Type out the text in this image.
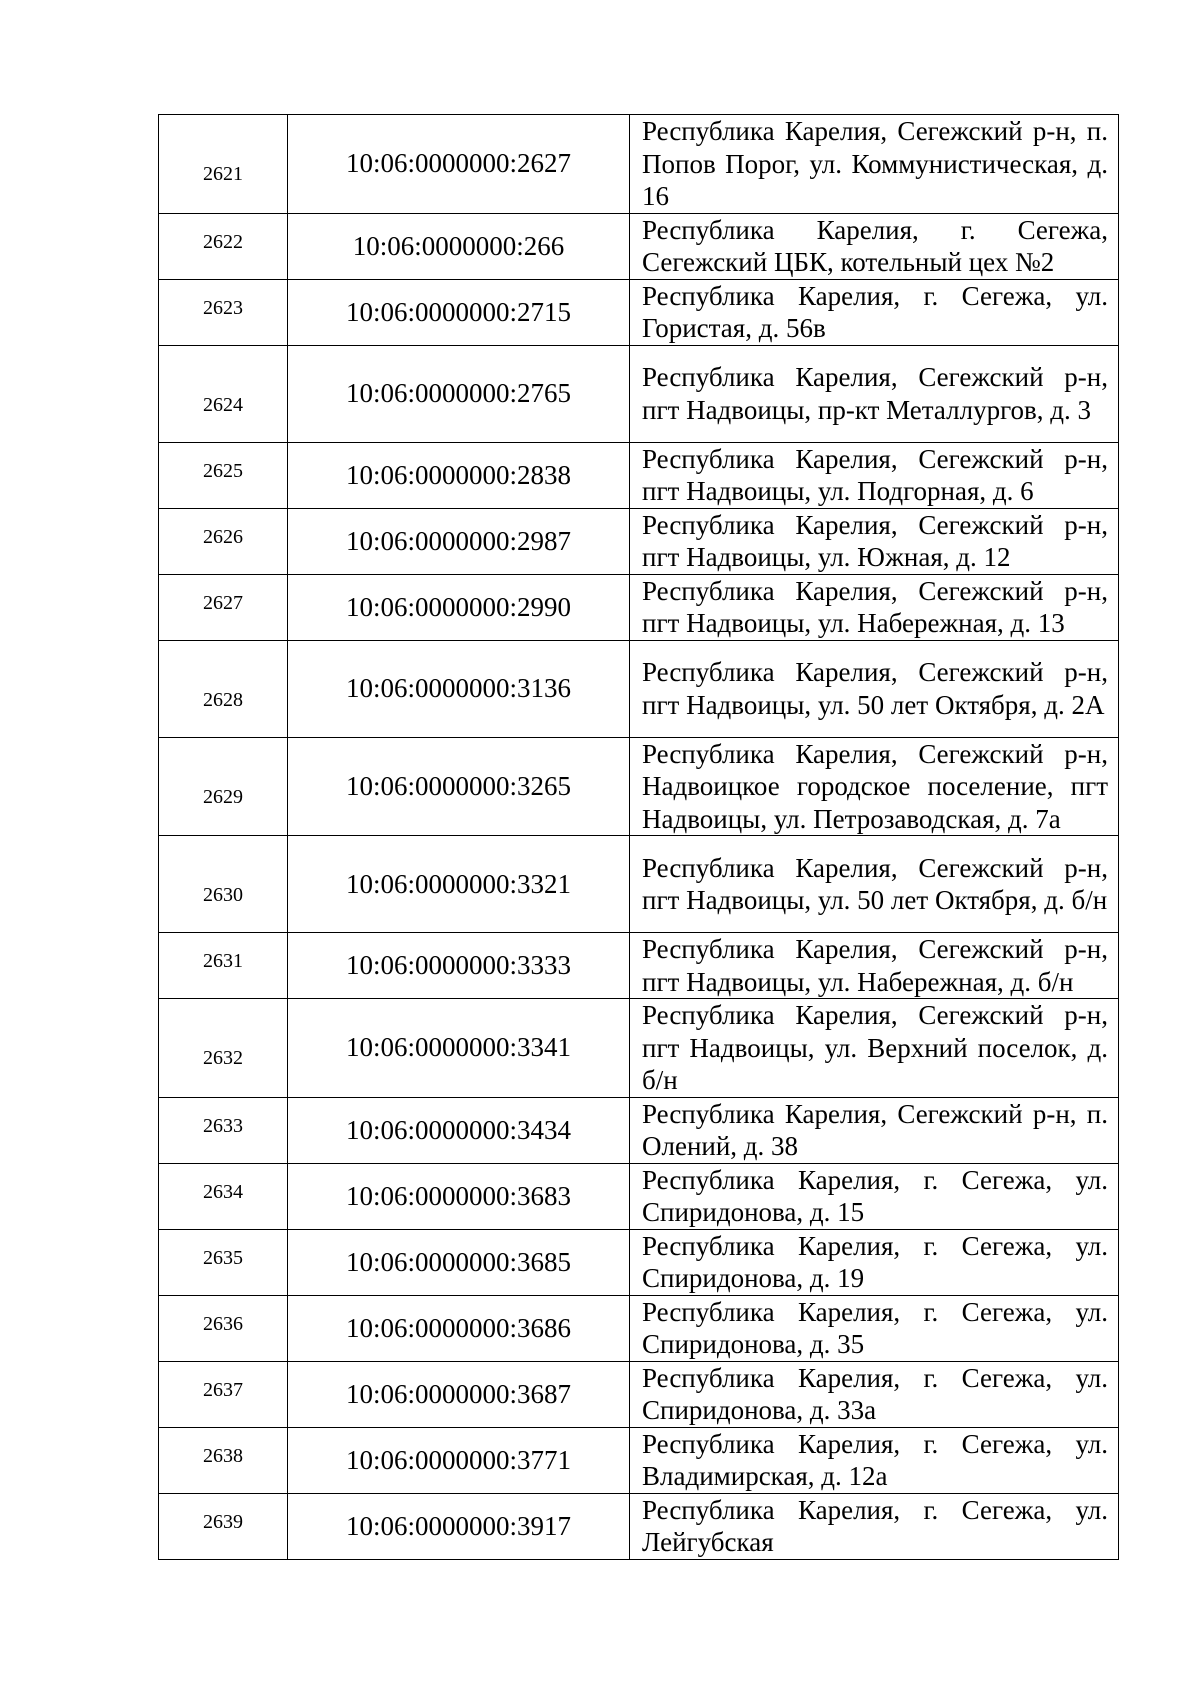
2621	10:06:0000000:2627	Республика Карелия, Сегежский р-н, п. Попов Порог, ул. Коммунистическая, д. 16
2622	10:06:0000000:266	Республика Карелия, г. Сегежа, Сегежский ЦБК, котельный цех №2
2623	10:06:0000000:2715	Республика Карелия, г. Сегежа, ул. Гористая, д. 56в
2624	10:06:0000000:2765	Республика Карелия, Сегежский р-н, пгт Надвоицы, пр-кт Металлургов, д. 3
2625	10:06:0000000:2838	Республика Карелия, Сегежский р-н, пгт Надвоицы, ул. Подгорная, д. 6
2626	10:06:0000000:2987	Республика Карелия, Сегежский р-н, пгт Надвоицы, ул. Южная, д. 12
2627	10:06:0000000:2990	Республика Карелия, Сегежский р-н, пгт Надвоицы, ул. Набережная, д. 13
2628	10:06:0000000:3136	Республика Карелия, Сегежский р-н, пгт Надвоицы, ул. 50 лет Октября, д. 2А
2629	10:06:0000000:3265	Республика Карелия, Сегежский р-н, Надвоицкое городское поселение, пгт Надвоицы, ул. Петрозаводская, д. 7а
2630	10:06:0000000:3321	Республика Карелия, Сегежский р-н, пгт Надвоицы, ул. 50 лет Октября, д. б/н
2631	10:06:0000000:3333	Республика Карелия, Сегежский р-н, пгт Надвоицы, ул. Набережная, д. б/н
2632	10:06:0000000:3341	Республика Карелия, Сегежский р-н, пгт Надвоицы, ул. Верхний поселок, д. б/н
2633	10:06:0000000:3434	Республика Карелия, Сегежский р-н, п. Олений, д. 38
2634	10:06:0000000:3683	Республика Карелия, г. Сегежа, ул. Спиридонова, д. 15
2635	10:06:0000000:3685	Республика Карелия, г. Сегежа, ул. Спиридонова, д. 19
2636	10:06:0000000:3686	Республика Карелия, г. Сегежа, ул. Спиридонова, д. 35
2637	10:06:0000000:3687	Республика Карелия, г. Сегежа, ул. Спиридонова, д. 33а
2638	10:06:0000000:3771	Республика Карелия, г. Сегежа, ул. Владимирская, д. 12а
2639	10:06:0000000:3917	Республика Карелия, г. Сегежа, ул. Лейгубская
